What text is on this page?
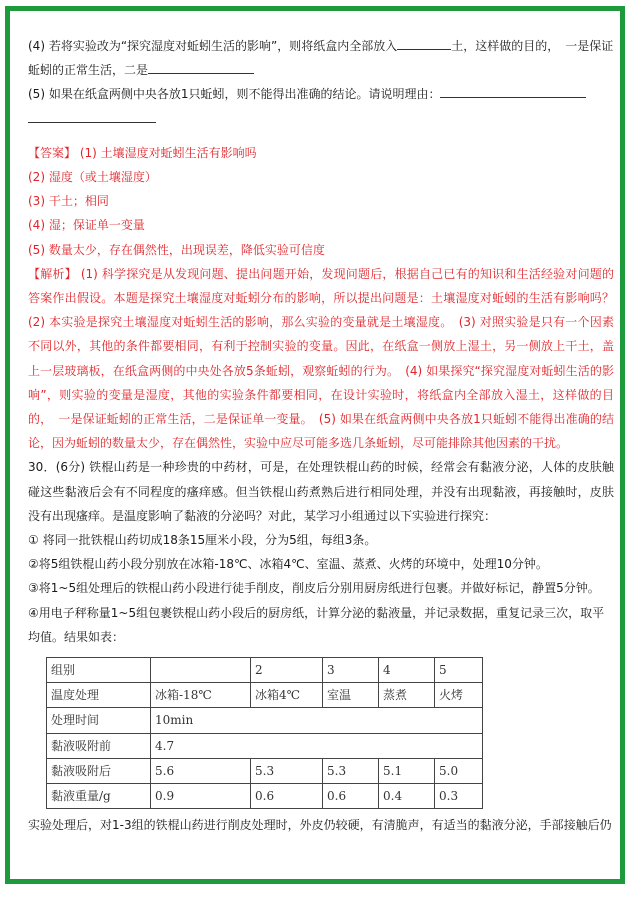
(4) 若将实验改为“探究湿度对蚯蚓生活的影响”，则将纸盒内全部放入	土，这样做的目的，　一是保证蚯蚓的正常生活，二是

(5) 如果在纸盒两侧中央各放1只蚯蚓，则不能得出准确的结论。请说明理由：

【答案】 (1) 土壤湿度对蚯蚓生活有影响吗

(2) 湿度（或土壤湿度）

(3) 干土；相同

(4) 湿；保证单一变量

(5) 数量太少，存在偶然性，出现误差，降低实验可信度

【解析】 (1) 科学探究是从发现问题、提出问题开始，发现问题后，根据自己已有的知识和生活经验对问题的答案作出假设。本题是探究土壤湿度对蚯蚓分布的影响，所以提出问题是：土壤湿度对蚯蚓的生活有影响吗？　(2) 本实验是探究土壤湿度对蚯蚓生活的影响，那么实验的变量就是土壤湿度。　(3) 对照实验是只有一个因素不同以外，其他的条件都要相同，有利于控制实验的变量。因此，在纸盒一侧放上湿土，另一侧放上干土，盖上一层玻璃板，在纸盒两侧的中央处各放5条蚯蚓，观察蚯蚓的行为。　(4) 如果探究“探究湿度对蚯蚓生活的影响”，则实验的变量是湿度，其他的实验条件都要相同，在设计实验时，将纸盒内全部放入湿土，这样做的目的，　一是保证蚯蚓的正常生活，二是保证单一变量。　(5) 如果在纸盒两侧中央各放1只蚯蚓不能得出准确的结论，因为蚯蚓的数量太少，存在偶然性，实验中应尽可能多选几条蚯蚓，尽可能排除其他因素的干扰。

30．(6分) 铁棍山药是一种珍贵的中药材，可是，在处理铁棍山药的时候，经常会有黏液分泌，人体的皮肤触碰这些黏液后会有不同程度的瘙痒感。但当铁棍山药煮熟后进行相同处理，并没有出现黏液，再接触时，皮肤没有出现瘙痒。是温度影响了黏液的分泌吗？对此，某学习小组通过以下实验进行探究：

① 将同一批铁棍山药切成18条15厘米小段，分为5组，每组3条。

②将5组铁棍山药小段分别放在冰箱-18℃、冰箱4℃、室温、蒸煮、火烤的环境中，处理10分钟。

③将1~5组处理后的铁棍山药小段进行徒手削皮，削皮后分别用厨房纸进行包裹。并做好标记，静置5分钟。

④用电子秤称量1~5组包裹铁棍山药小段后的厨房纸，计算分泌的黏液量，并记录数据，重复记录三次，取平均值。结果如表：

组别		2	3	4	5
温度处理	冰箱-18℃	冰箱4℃	室温	蒸煮	火烤
处理时间	10min				
黏液吸附前	4.7				
黏液吸附后	5.6	5.3	5.3	5.1	5.0
黏液重量/g	0.9	0.6	0.6	0.4	0.3

实验处理后，对1-3组的铁棍山药进行削皮处理时，外皮仍较硬，有清脆声，有适当的黏液分泌，手部接触后仍
